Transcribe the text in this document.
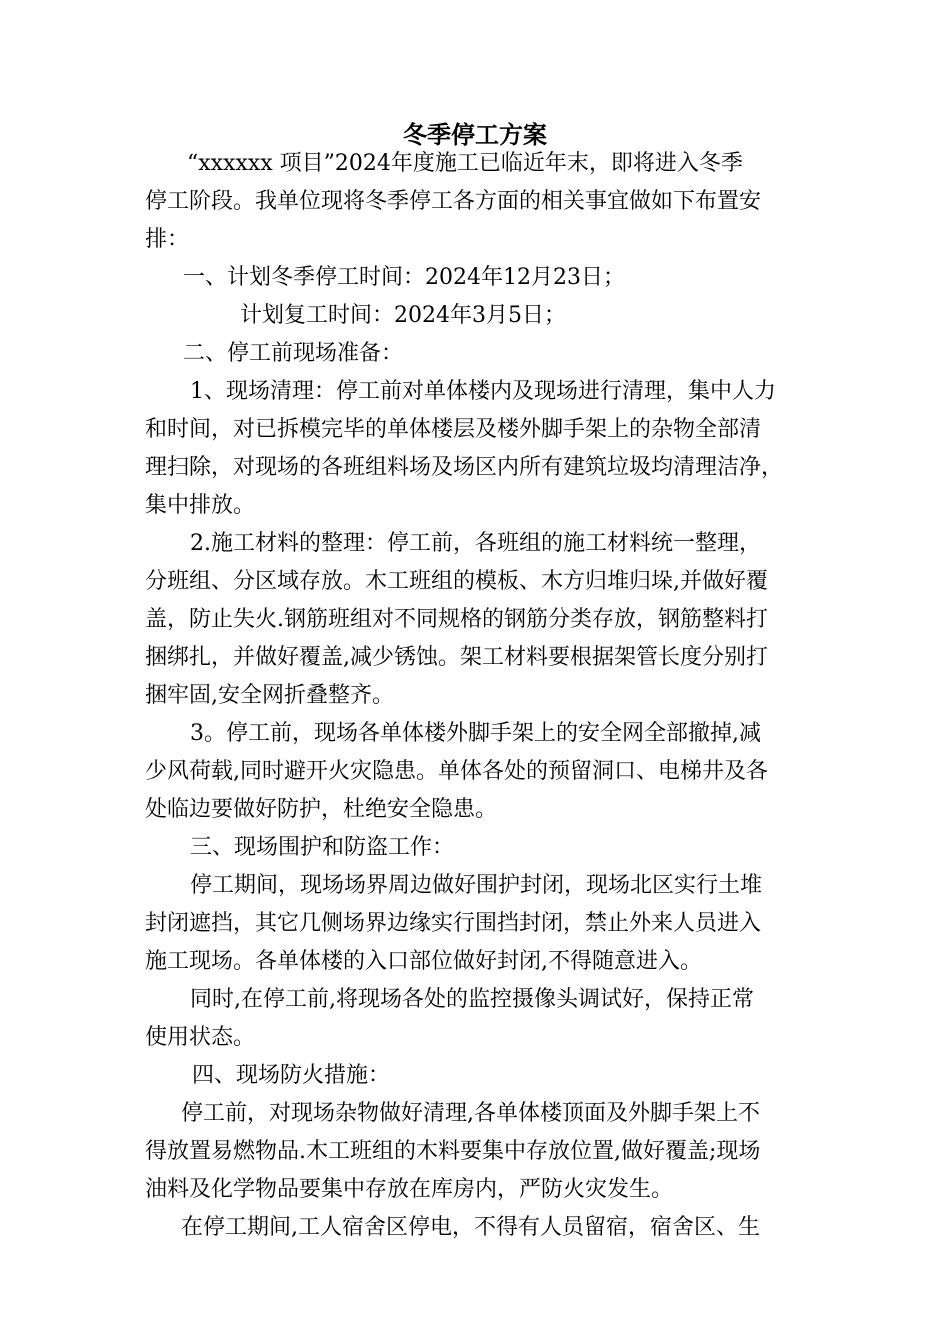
冬季停工方案

“xxxxxx 项目”2024年度施工已临近年末，即将进入冬季

停工阶段。我单位现将冬季停工各方面的相关事宜做如下布置安

排：

一、计划冬季停工时间：2024年12月23日；

计划复工时间：2024年3月5日；

二、停工前现场准备：

1、现场清理：停工前对单体楼内及现场进行清理，集中人力

和时间，对已拆模完毕的单体楼层及楼外脚手架上的杂物全部清

理扫除，对现场的各班组料场及场区内所有建筑垃圾均清理洁净，

集中排放。

2.施工材料的整理：停工前，各班组的施工材料统一整理，

分班组、分区域存放。木工班组的模板、木方归堆归垛,并做好覆

盖，防止失火.钢筋班组对不同规格的钢筋分类存放，钢筋整料打

捆绑扎，并做好覆盖,减少锈蚀。架工材料要根据架管长度分别打

捆牢固,安全网折叠整齐。

3。停工前，现场各单体楼外脚手架上的安全网全部撤掉,减

少风荷载,同时避开火灾隐患。单体各处的预留洞口、电梯井及各

处临边要做好防护，杜绝安全隐患。

三、现场围护和防盗工作：

停工期间，现场场界周边做好围护封闭，现场北区实行土堆

封闭遮挡，其它几侧场界边缘实行围挡封闭，禁止外来人员进入

施工现场。各单体楼的入口部位做好封闭,不得随意进入。

同时,在停工前,将现场各处的监控摄像头调试好，保持正常

使用状态。

四、现场防火措施：

停工前，对现场杂物做好清理,各单体楼顶面及外脚手架上不

得放置易燃物品.木工班组的木料要集中存放位置,做好覆盖;现场

油料及化学物品要集中存放在库房内，严防火灾发生。

在停工期间,工人宿舍区停电，不得有人员留宿，宿舍区、生
